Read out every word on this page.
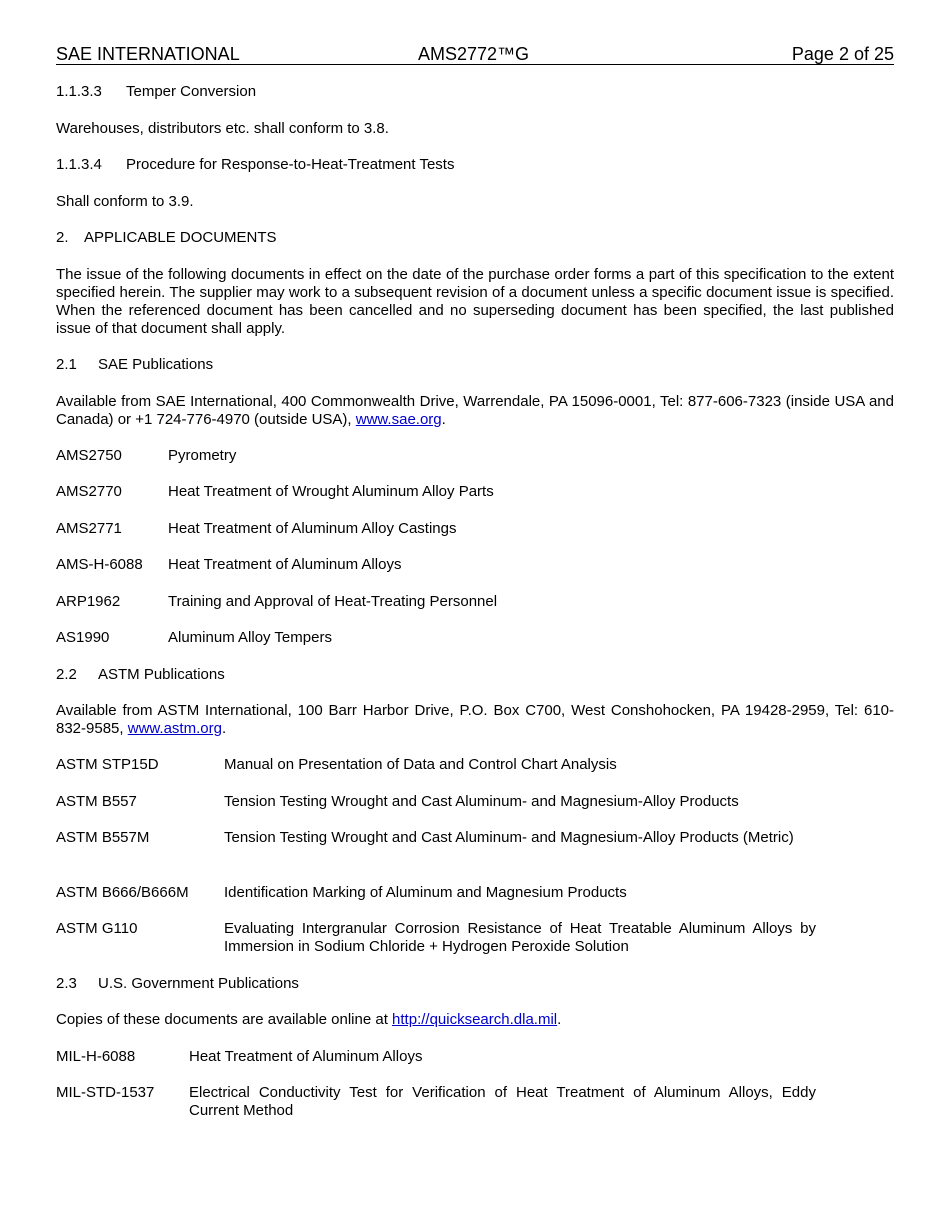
SAE INTERNATIONAL	AMS2772™G	Page 2 of 25
1.1.3.3 Temper Conversion
Warehouses, distributors etc. shall conform to 3.8.
1.1.3.4 Procedure for Response-to-Heat-Treatment Tests
Shall conform to 3.9.
2. APPLICABLE DOCUMENTS
The issue of the following documents in effect on the date of the purchase order forms a part of this specification to the extent specified herein. The supplier may work to a subsequent revision of a document unless a specific document issue is specified. When the referenced document has been cancelled and no superseding document has been specified, the last published issue of that document shall apply.
2.1 SAE Publications
Available from SAE International, 400 Commonwealth Drive, Warrendale, PA 15096-0001, Tel: 877-606-7323 (inside USA and Canada) or +1 724-776-4970 (outside USA), www.sae.org.
AMS2750	Pyrometry
AMS2770	Heat Treatment of Wrought Aluminum Alloy Parts
AMS2771	Heat Treatment of Aluminum Alloy Castings
AMS-H-6088 Heat Treatment of Aluminum Alloys
ARP1962	Training and Approval of Heat-Treating Personnel
AS1990	Aluminum Alloy Tempers
2.2 ASTM Publications
Available from ASTM International, 100 Barr Harbor Drive, P.O. Box C700, West Conshohocken, PA 19428-2959, Tel: 610-832-9585, www.astm.org.
ASTM STP15D	Manual on Presentation of Data and Control Chart Analysis
ASTM B557	Tension Testing Wrought and Cast Aluminum- and Magnesium-Alloy Products
ASTM B557M	Tension Testing Wrought and Cast Aluminum- and Magnesium-Alloy Products (Metric)
ASTM B666/B666M Identification Marking of Aluminum and Magnesium Products
ASTM G110	Evaluating Intergranular Corrosion Resistance of Heat Treatable Aluminum Alloys by Immersion in Sodium Chloride + Hydrogen Peroxide Solution
2.3 U.S. Government Publications
Copies of these documents are available online at http://quicksearch.dla.mil.
MIL-H-6088	Heat Treatment of Aluminum Alloys
MIL-STD-1537 Electrical Conductivity Test for Verification of Heat Treatment of Aluminum Alloys, Eddy Current Method
